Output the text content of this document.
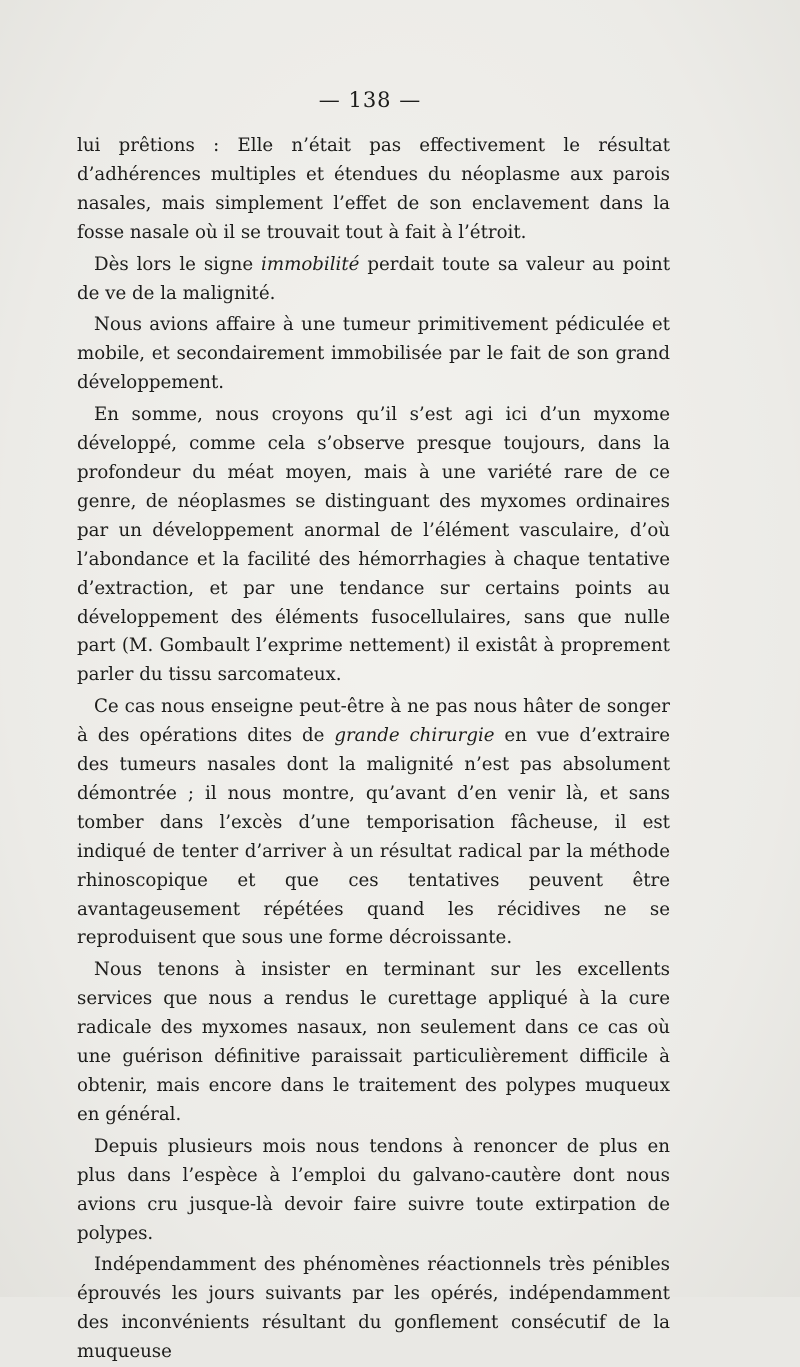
— 138 —

lui prêtions : Elle n’était pas effectivement le résultat d’adhérences multiples et étendues du néoplasme aux parois nasales, mais simplement l’effet de son enclavement dans la fosse nasale où il se trouvait tout à fait à l’étroit.

Dès lors le signe immobilité perdait toute sa valeur au point de ve de la malignité.

Nous avions affaire à une tumeur primitivement pédiculée et mobile, et secondairement immobilisée par le fait de son grand développement.

En somme, nous croyons qu’il s’est agi ici d’un myxome développé, comme cela s’observe presque toujours, dans la profondeur du méat moyen, mais à une variété rare de ce genre, de néoplasmes se distinguant des myxomes ordinaires par un développement anormal de l’élément vasculaire, d’où l’abondance et la facilité des hémorrhagies à chaque tentative d’extraction, et par une tendance sur certains points au développement des éléments fusocellulaires, sans que nulle part (M. Gombault l’exprime nettement) il existât à proprement parler du tissu sarcomateux.

Ce cas nous enseigne peut-être à ne pas nous hâter de songer à des opérations dites de grande chirurgie en vue d’extraire des tumeurs nasales dont la malignité n’est pas absolument démontrée ; il nous montre, qu’avant d’en venir là, et sans tomber dans l’excès d’une temporisation fâcheuse, il est indiqué de tenter d’arriver à un résultat radical par la méthode rhinoscopique et que ces tentatives peuvent être avantageusement répétées quand les récidives ne se reproduisent que sous une forme décroissante.

Nous tenons à insister en terminant sur les excellents services que nous a rendus le curettage appliqué à la cure radicale des myxomes nasaux, non seulement dans ce cas où une guérison définitive paraissait particulièrement difficile à obtenir, mais encore dans le traitement des polypes muqueux en général.

Depuis plusieurs mois nous tendons à renoncer de plus en plus dans l’espèce à l’emploi du galvano-cautère dont nous avions cru jusque-là devoir faire suivre toute extirpation de polypes.

Indépendamment des phénomènes réactionnels très pénibles éprouvés les jours suivants par les opérés, indépendamment des inconvénients résultant du gonflement consécutif de la muqueuse
